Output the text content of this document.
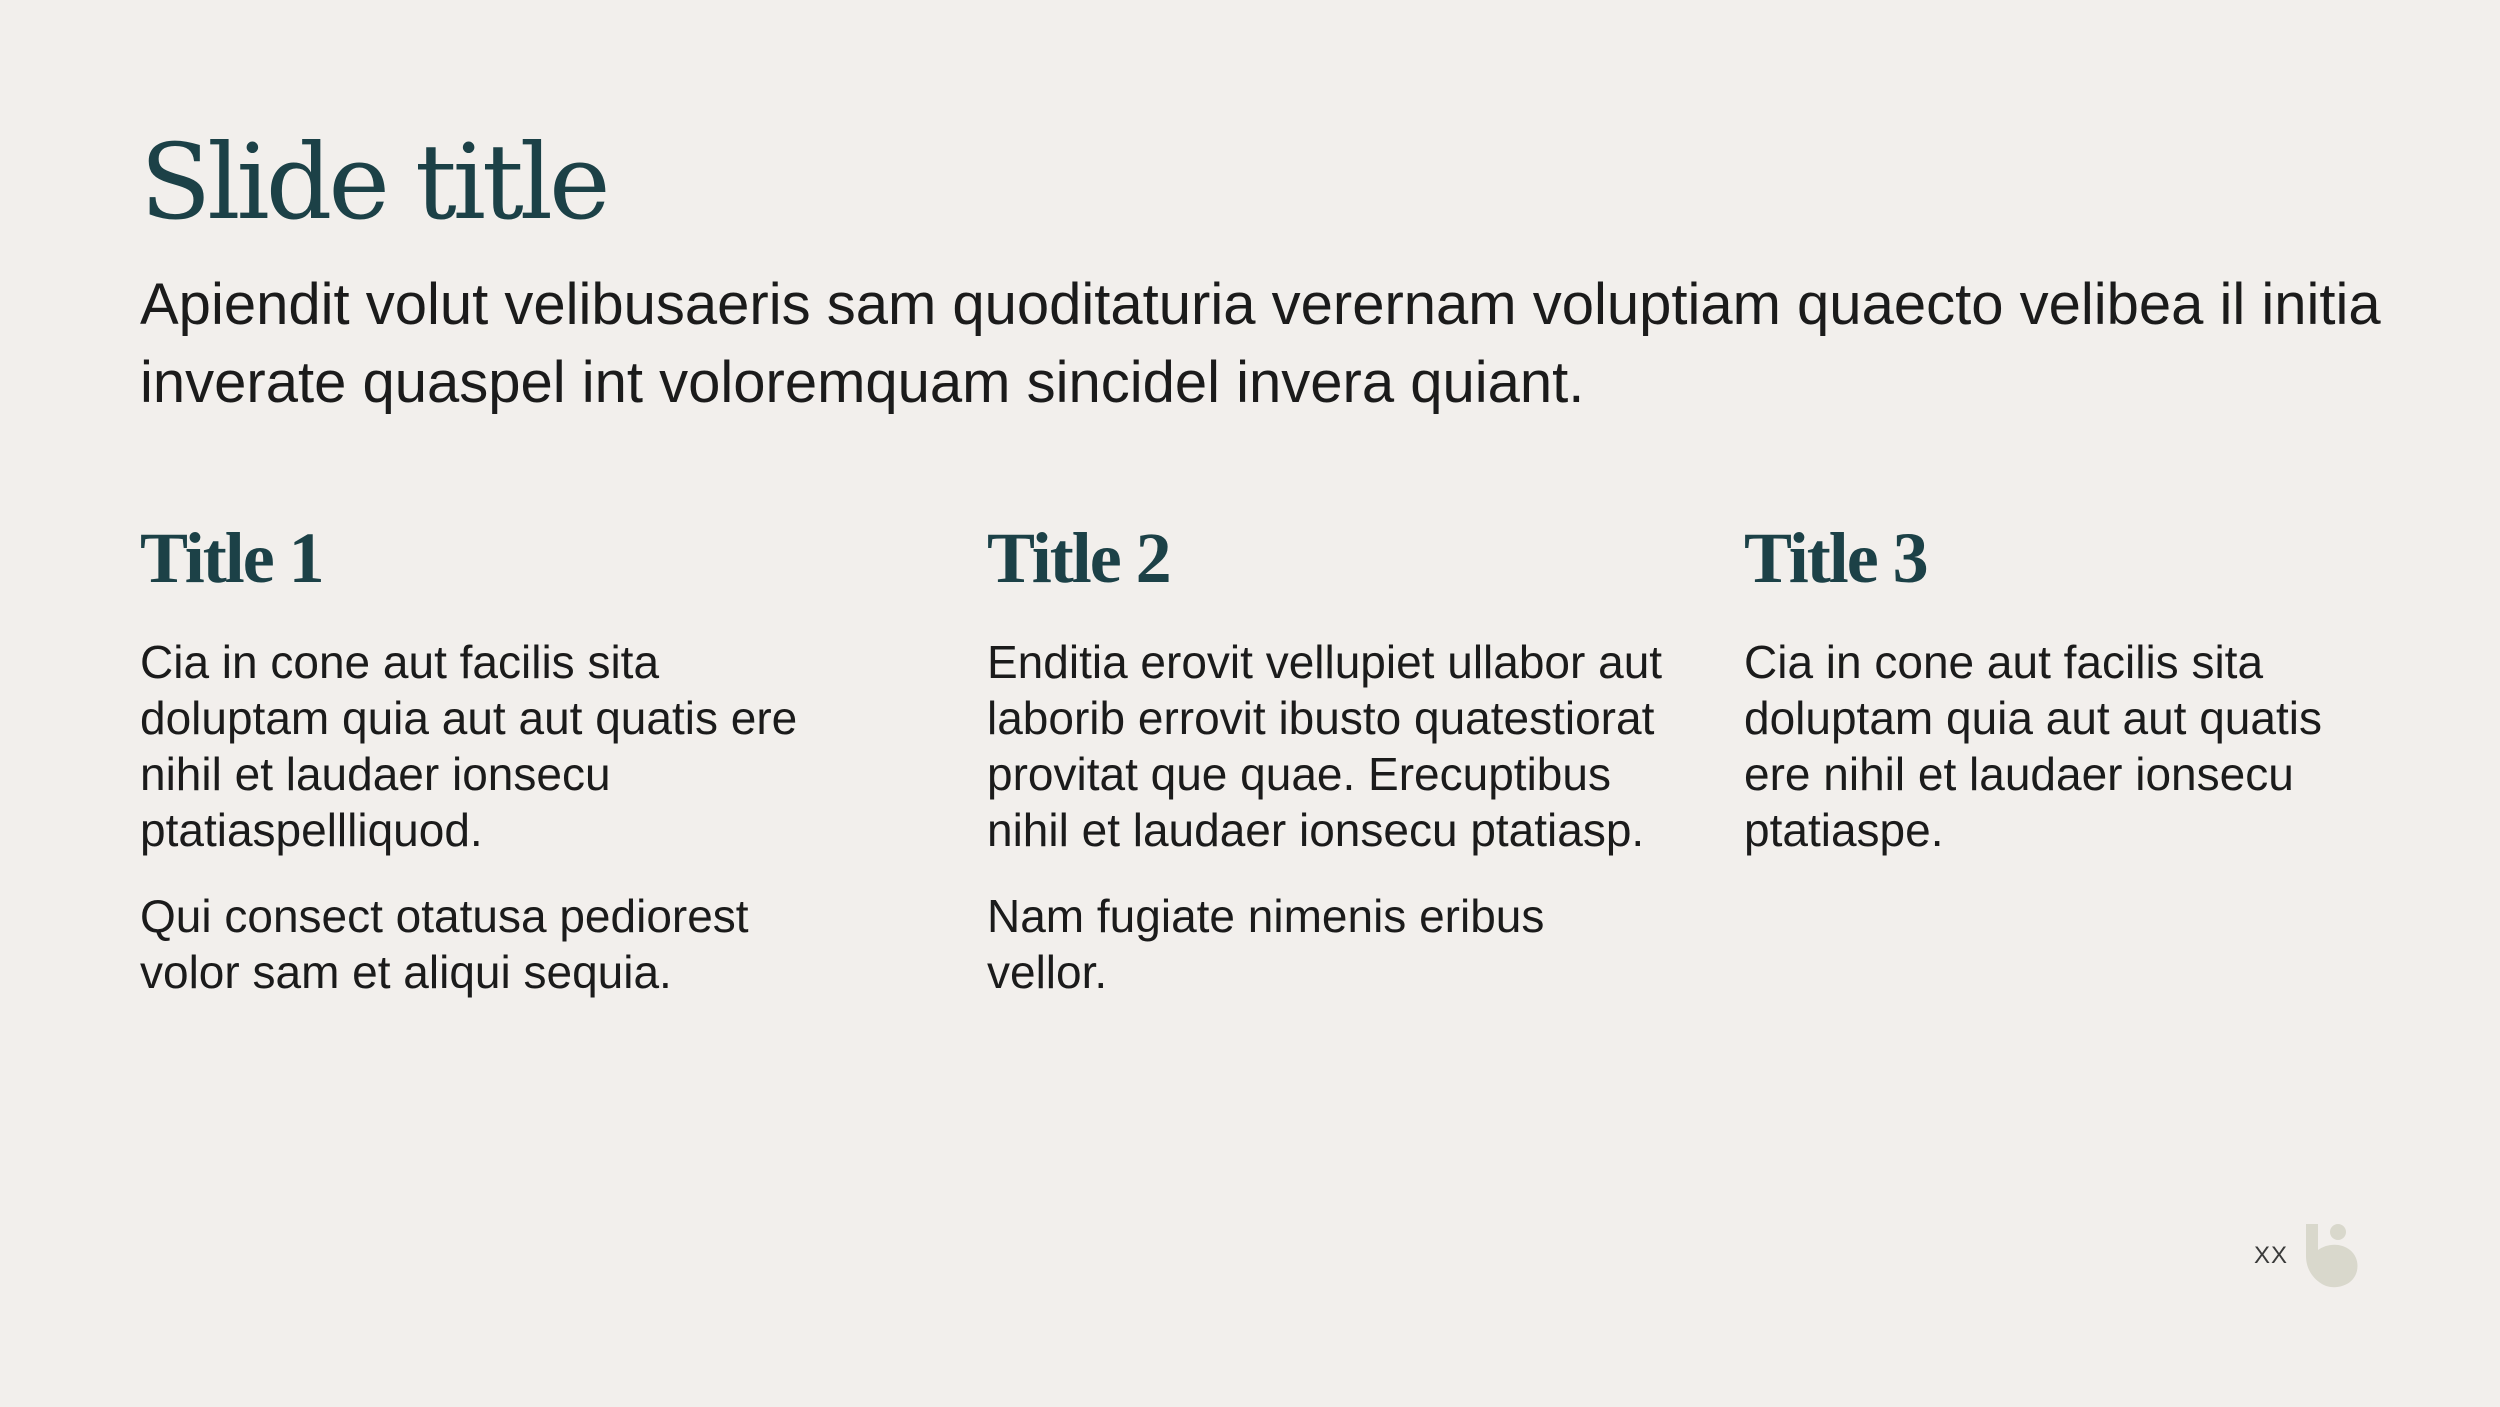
Slide title

Apiendit volut velibusaeris sam quoditaturia verernam voluptiam quaecto velibea il initia inverate quaspel int voloremquam sincidel invera quiant.

Title 1

Cia in cone aut facilis sita doluptam quia aut aut quatis ere nihil et laudaer ionsecu ptatiaspellliquod.

Qui consect otatusa pediorest volor sam et aliqui sequia.

Title 2

Enditia erovit vellupiet ullabor aut laborib errovit ibusto quatestiorat provitat que quae. Erecuptibus nihil et laudaer ionsecu ptatiasp.

Nam fugiate nimenis eribus vellor.

Title 3

Cia in cone aut facilis sita doluptam quia aut aut quatis ere nihil et laudaer ionsecu ptatiaspe.

XX
